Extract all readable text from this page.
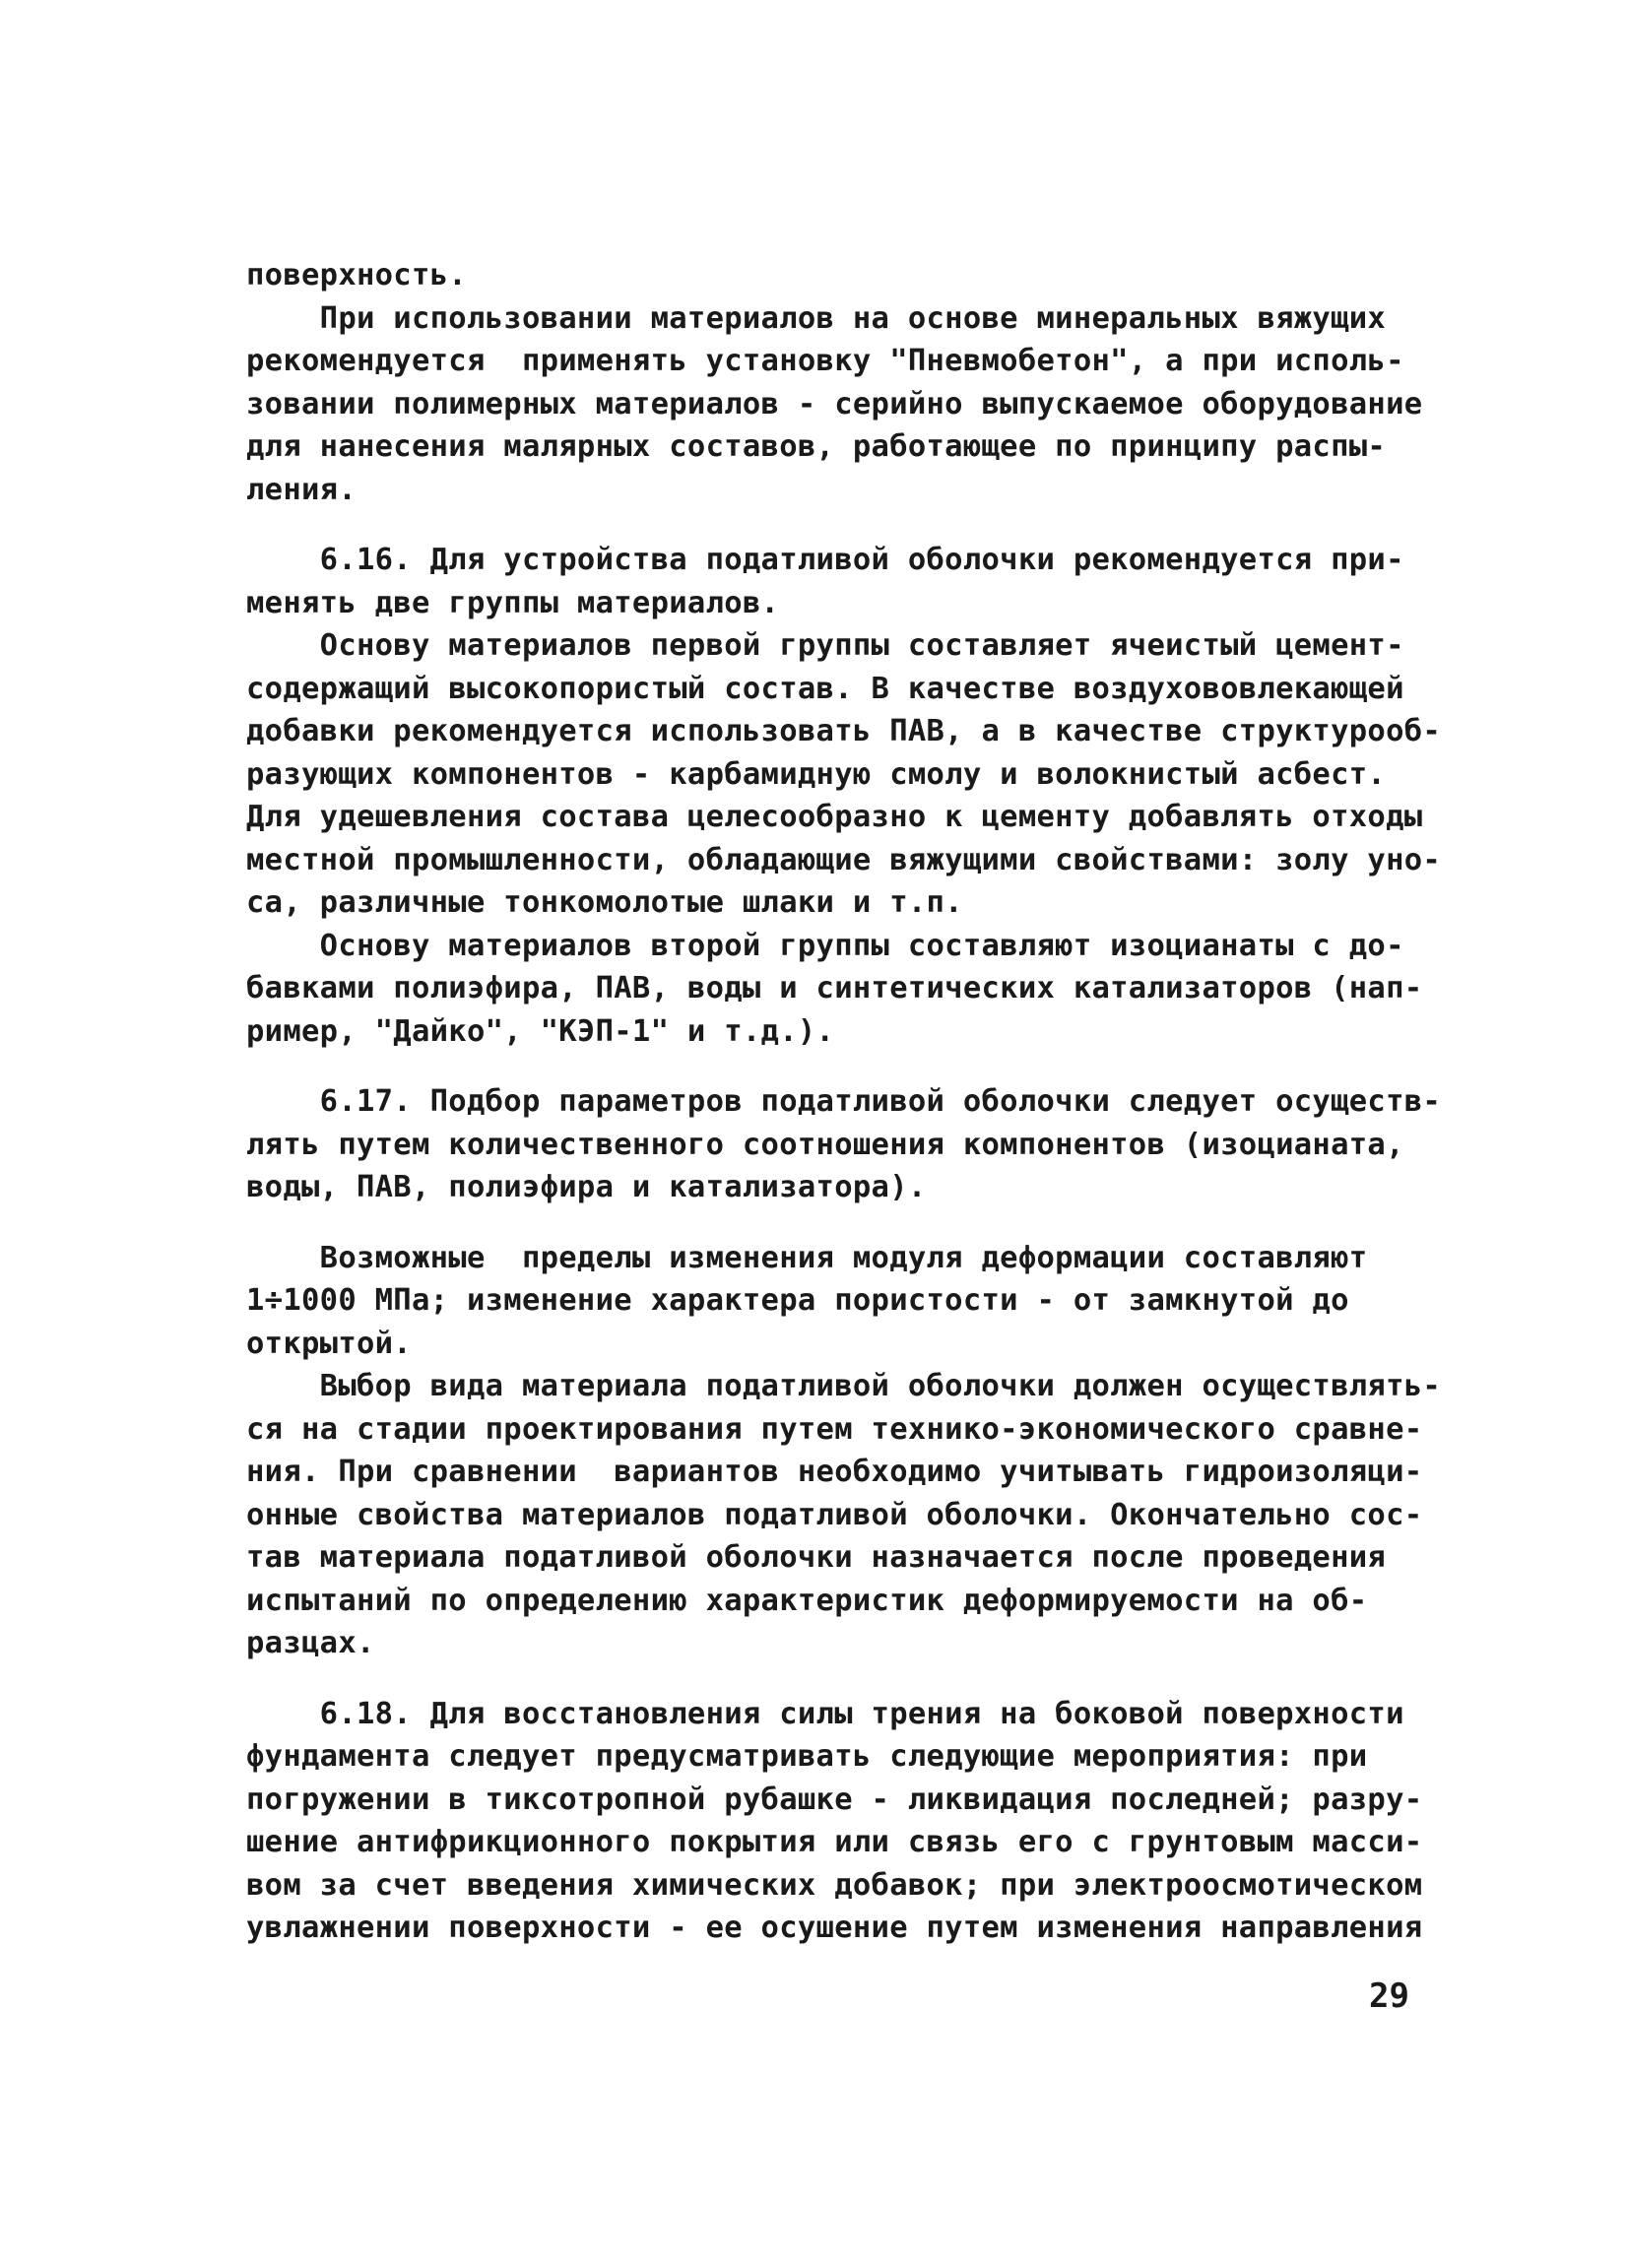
поверхность.

При использовании материалов на основе минеральных вяжущих
рекомендуется  применять установку "Пневмобетон", а при исполь-
зовании полимерных материалов - серийно выпускаемое оборудование
для нанесения малярных составов, работающее по принципу распы-
ления.

6.16. Для устройства податливой оболочки рекомендуется при-
менять две группы материалов.

Основу материалов первой группы составляет ячеистый цемент-
содержащий высокопористый состав. В качестве воздухововлекающей
добавки рекомендуется использовать ПАВ, а в качестве структурооб-
разующих компонентов - карбамидную смолу и волокнистый асбест.
Для удешевления состава целесообразно к цементу добавлять отходы
местной промышленности, обладающие вяжущими свойствами: золу уно-
са, различные тонкомолотые шлаки и т.п.

Основу материалов второй группы составляют изоцианаты с до-
бавками полиэфира, ПАВ, воды и синтетических катализаторов (нап-
ример, "Дайко", "КЭП-1" и т.д.).

6.17. Подбор параметров податливой оболочки следует осуществ-
лять путем количественного соотношения компонентов (изоцианата,
воды, ПАВ, полиэфира и катализатора).

Возможные  пределы изменения модуля деформации составляют
1÷1000 МПа; изменение характера пористости - от замкнутой до
открытой.

Выбор вида материала податливой оболочки должен осуществлять-
ся на стадии проектирования путем технико-экономического сравне-
ния. При сравнении  вариантов необходимо учитывать гидроизоляци-
онные свойства материалов податливой оболочки. Окончательно сос-
тав материала податливой оболочки назначается после проведения
испытаний по определению характеристик деформируемости на об-
разцах.

6.18. Для восстановления силы трения на боковой поверхности
фундамента следует предусматривать следующие мероприятия: при
погружении в тиксотропной рубашке - ликвидация последней; разру-
шение антифрикционного покрытия или связь его с грунтовым масси-
вом за счет введения химических добавок; при электроосмотическом
увлажнении поверхности - ее осушение путем изменения направления

29
